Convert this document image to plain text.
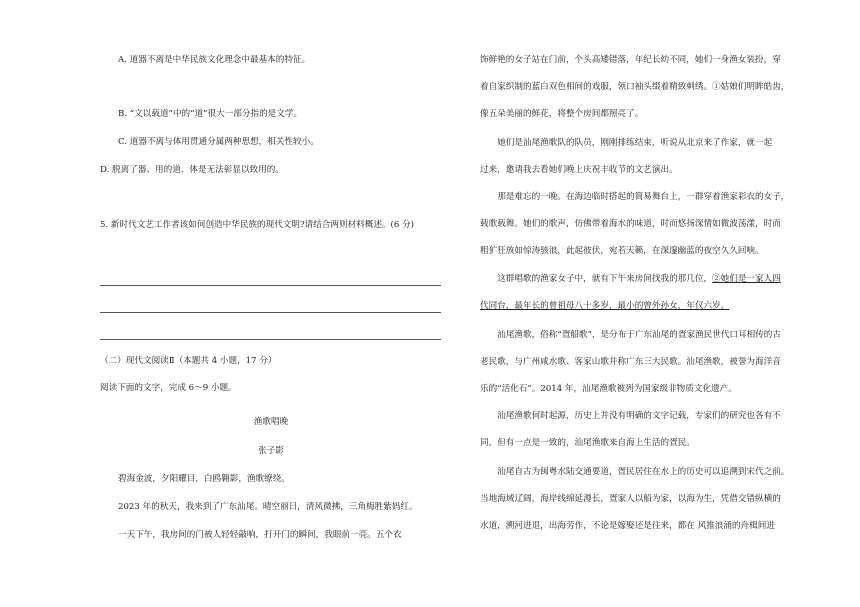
A. 道器不离是中华民族文化理念中最基本的特征。
B. “文以载道”中的“道”很大一部分指的是文学。
C. 道器不离与体用贯通分属两种思想，相关性较小。
D. 脱离了器、用的道、体是无法彰显以致用的。
5. 新时代文艺工作者该如何创造中华民族的现代文明?请结合两则材料概述。(6 分)
（二）现代文阅读Ⅱ（本题共 4 小题，17 分）
阅读下面的文字，完成 6～9 小题。
渔歌唱晚
张子影
碧海金波，夕阳耀目，白鸥翱影，渔歌缭绕。
2023 年的秋天，我来到了广东汕尾。晴空丽日，清风微拂，三角梅胜紫妈红。
一天下午，我房间的门被人轻轻敲响，打开门的瞬间，我眼前一亮。五个衣
饰鲜艳的女子站在门前，个头高矮错落，年纪长幼不同，她们一身渔女装扮，穿
着自家织制的蓝白双色相间的戏服，领口袖头缀着精致刺绣。①姑娘们明眸皓齿，
像五朵美丽的鲜花，将整个房间都照亮了。
　　她们是汕尾渔歌队的队员，刚刚排练结束，听说从北京来了作家，就一起
过来，邀请我去看她们晚上庆祝丰收节的文艺演出。
　　那是难忘的一晚。在海边临时搭起的简易舞台上，一群穿着渔家彩衣的女子，
载歌载舞。她们的歌声，仿佛带着海水的味道，时而悠扬深情如微波荡漾，时而
粗犷狂放如惊涛骇浪，此起彼伏，宛若天籁，在深邃幽蓝的夜空久久回响。
　　这群唱歌的渔家女子中，就有下午来房间找我的那几位，②她们是一家人四
代同台，最年长的曾祖母八十多岁，最小的曾外孙女，年仅六岁。
　　汕尾渔歌，俗称“疍船歌”，是分布于广东汕尾的疍家渔民世代口耳相传的古
老民歌，与广州咸水歌、客家山歌并称广东三大民歌。汕尾渔歌，被誉为海洋音
乐的“活化石”。2014 年，汕尾渔歌被列为国家级非物质文化遗产。
　　汕尾渔歌何时起源，历史上并没有明确的文字记载，专家们的研究也各有不
同，但有一点是一致的，汕尾渔歌来自海上生活的疍民。
　　汕尾自古为闽粤水陆交通要道，疍民居住在水上的历史可以追溯到宋代之前。
当地海域辽阔，海岸线绵延漫长，疍家人以船为家，以海为生，凭借交错纵横的
水道，溯河进退，出海劳作，不论是嫁娶还是往来，都在 风推浪涌的舟楫间进
